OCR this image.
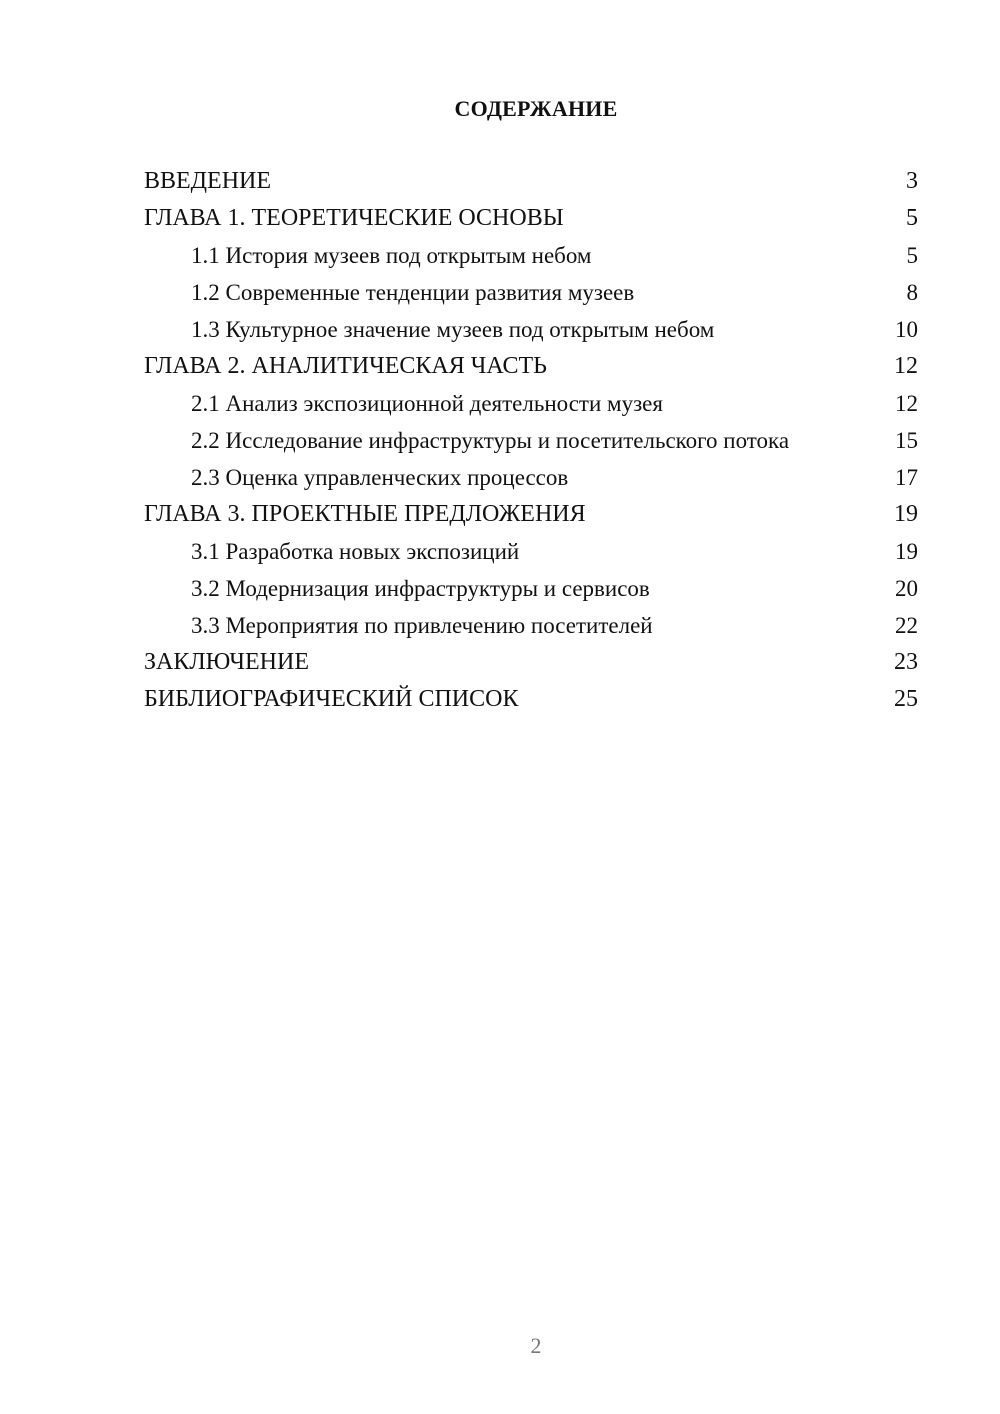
СОДЕРЖАНИЕ
ВВЕДЕНИЕ	3
ГЛАВА 1. ТЕОРЕТИЧЕСКИЕ ОСНОВЫ	5
1.1 История музеев под открытым небом	5
1.2 Современные тенденции развития музеев	8
1.3 Культурное значение музеев под открытым небом	10
ГЛАВА 2. АНАЛИТИЧЕСКАЯ ЧАСТЬ	12
2.1 Анализ экспозиционной деятельности музея	12
2.2 Исследование инфраструктуры и посетительского потока	15
2.3 Оценка управленческих процессов	17
ГЛАВА 3. ПРОЕКТНЫЕ ПРЕДЛОЖЕНИЯ	19
3.1 Разработка новых экспозиций	19
3.2 Модернизация инфраструктуры и сервисов	20
3.3 Мероприятия по привлечению посетителей	22
ЗАКЛЮЧЕНИЕ	23
БИБЛИОГРАФИЧЕСКИЙ СПИСОК	25
2
